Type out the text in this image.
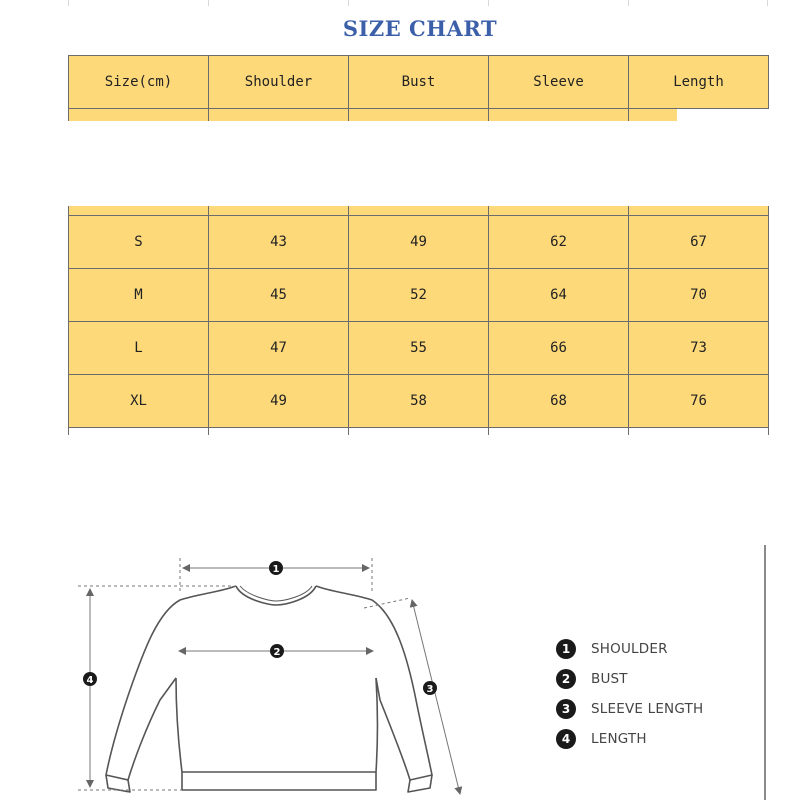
SIZE CHART
Size(cm)	Shoulder	Bust	Sleeve	Length
S	43	49	62	67
M	45	52	64	70
L	47	55	66	73
XL	49	58	68	76
1
2
3
4
1	SHOULDER
2	BUST
3	SLEEVE LENGTH
4	LENGTH
